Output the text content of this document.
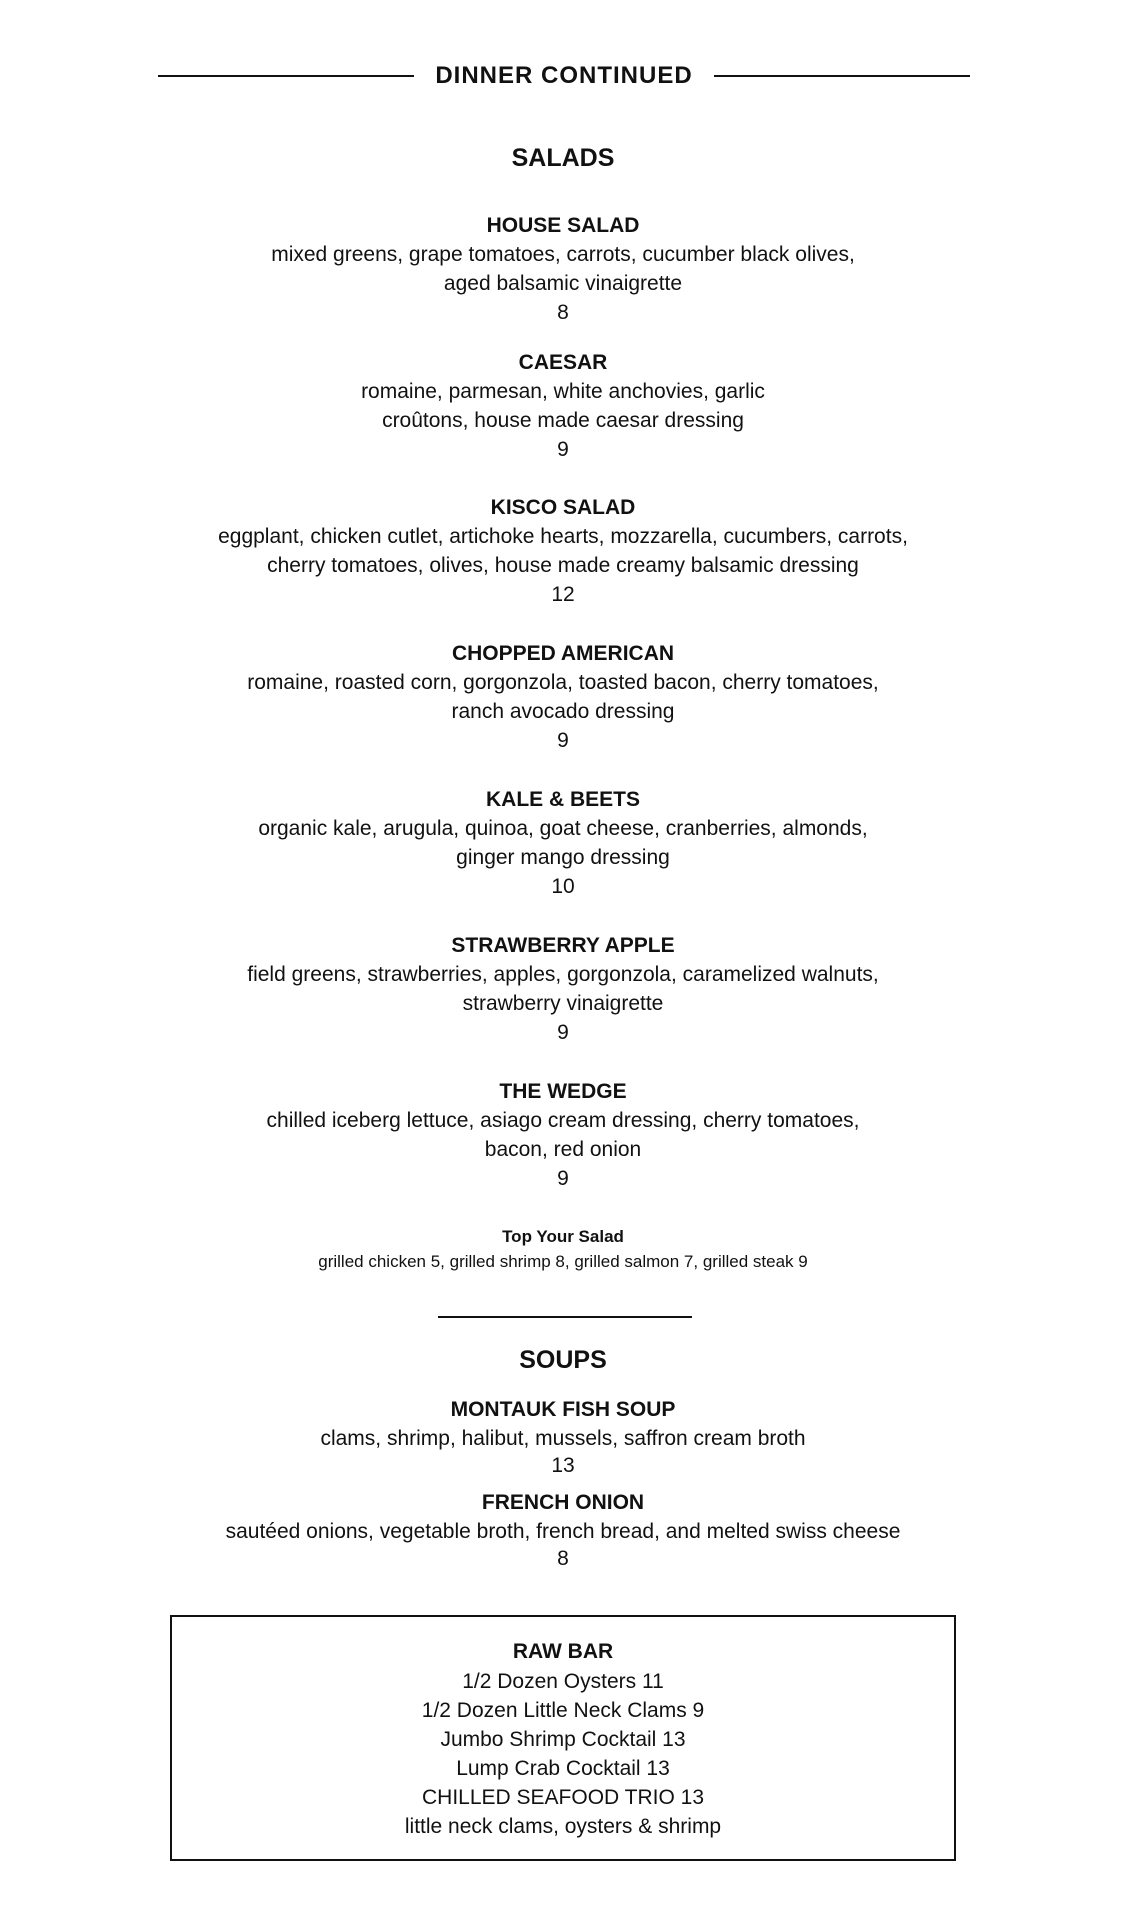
DINNER CONTINUED
SALADS
HOUSE SALAD
mixed greens, grape tomatoes, carrots, cucumber black olives,
aged balsamic vinaigrette
8
CAESAR
romaine, parmesan, white anchovies, garlic
croûtons, house made caesar dressing
9
KISCO SALAD
eggplant, chicken cutlet, artichoke hearts, mozzarella, cucumbers, carrots,
cherry tomatoes, olives, house made creamy balsamic dressing
12
CHOPPED AMERICAN
romaine, roasted corn, gorgonzola, toasted bacon, cherry tomatoes,
ranch avocado dressing
9
KALE & BEETS
organic kale, arugula, quinoa, goat cheese, cranberries, almonds,
ginger mango dressing
10
STRAWBERRY APPLE
field greens, strawberries, apples, gorgonzola, caramelized walnuts,
strawberry vinaigrette
9
THE WEDGE
chilled iceberg lettuce, asiago cream dressing, cherry tomatoes,
bacon, red onion
9
Top Your Salad
grilled chicken 5, grilled shrimp 8, grilled salmon 7, grilled steak 9
SOUPS
MONTAUK FISH SOUP
clams, shrimp, halibut, mussels, saffron cream broth
13
FRENCH ONION
sautéed onions, vegetable broth, french bread, and melted swiss cheese
8
RAW BAR
1/2 Dozen Oysters 11
1/2 Dozen Little Neck Clams 9
Jumbo Shrimp Cocktail 13
Lump Crab Cocktail 13
CHILLED SEAFOOD TRIO 13
little neck clams, oysters & shrimp
